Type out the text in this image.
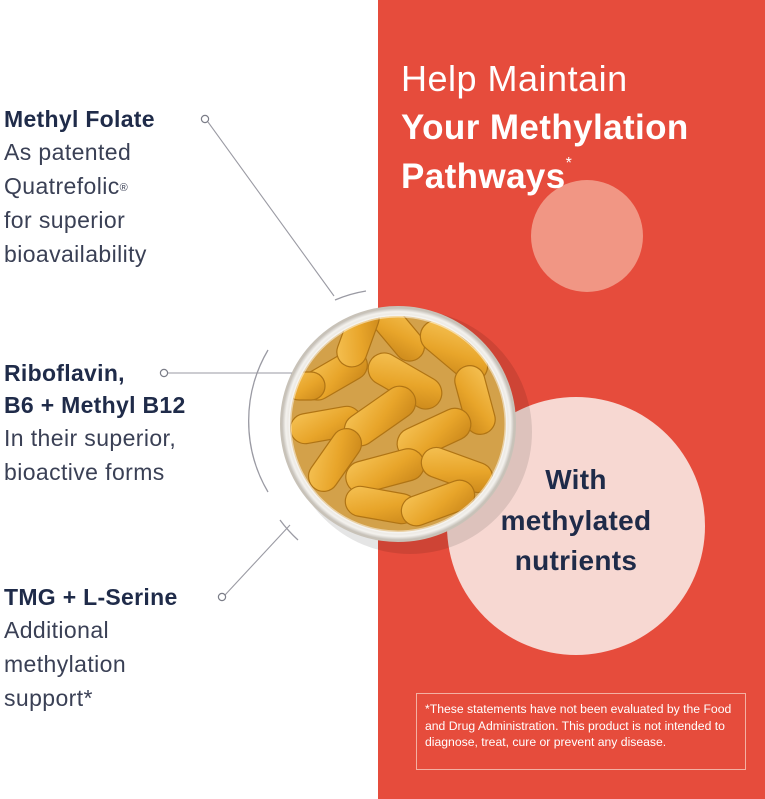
Help Maintain
Your Methylation
Pathways*
With
methylated
nutrients
Methyl Folate
As patented
Quatrefolic®
for superior
bioavailability
Riboflavin,
B6 + Methyl B12
In their superior,
bioactive forms
TMG + L-Serine
Additional
methylation
support*	*These statements have not been evaluated by the Food and Drug Administration. This product is not intended to diagnose, treat, cure or prevent any disease.
